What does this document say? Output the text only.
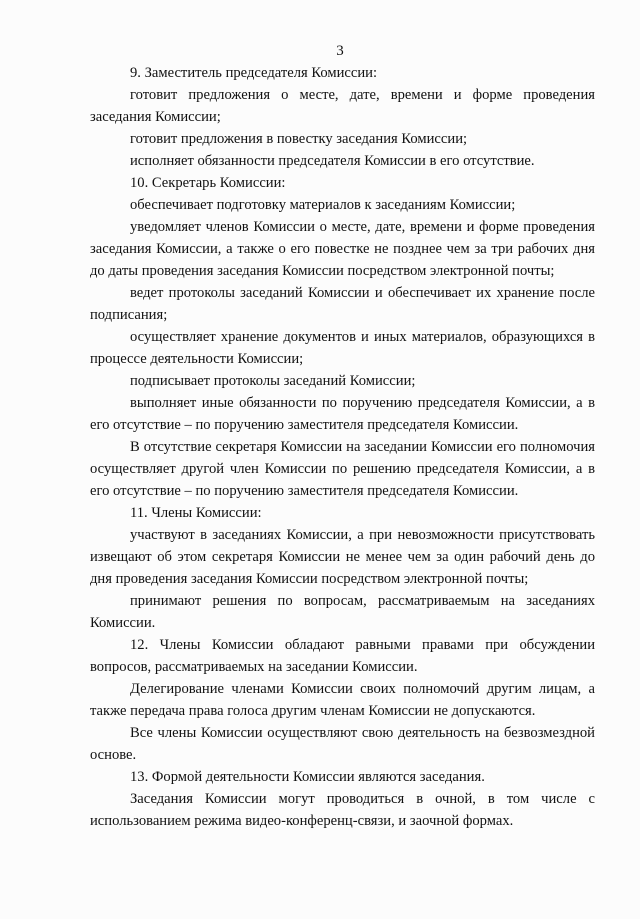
3

9. Заместитель председателя Комиссии:

готовит предложения о месте, дате, времени и форме проведения заседания Комиссии;

готовит предложения в повестку заседания Комиссии;

исполняет обязанности председателя Комиссии в его отсутствие.

10. Секретарь Комиссии:

обеспечивает подготовку материалов к заседаниям Комиссии;

уведомляет членов Комиссии о месте, дате, времени и форме проведения заседания Комиссии, а также о его повестке не позднее чем за три рабочих дня до даты проведения заседания Комиссии посредством электронной почты;

ведет протоколы заседаний Комиссии и обеспечивает их хранение после подписания;

осуществляет хранение документов и иных материалов, образующихся в процессе деятельности Комиссии;

подписывает протоколы заседаний Комиссии;

выполняет иные обязанности по поручению председателя Комиссии, а в его отсутствие – по поручению заместителя председателя Комиссии.

В отсутствие секретаря Комиссии на заседании Комиссии его полномочия осуществляет другой член Комиссии по решению председателя Комиссии, а в его отсутствие – по поручению заместителя председателя Комиссии.

11. Члены Комиссии:

участвуют в заседаниях Комиссии, а при невозможности присутствовать извещают об этом секретаря Комиссии не менее чем за один рабочий день до дня проведения заседания Комиссии посредством электронной почты;

принимают решения по вопросам, рассматриваемым на заседаниях Комиссии.

12. Члены Комиссии обладают равными правами при обсуждении вопросов, рассматриваемых на заседании Комиссии.

Делегирование членами Комиссии своих полномочий другим лицам, а также передача права голоса другим членам Комиссии не допускаются.

Все члены Комиссии осуществляют свою деятельность на безвозмездной основе.

13. Формой деятельности Комиссии являются заседания.

Заседания Комиссии могут проводиться в очной, в том числе с использованием режима видео-конференц-связи, и заочной формах.
